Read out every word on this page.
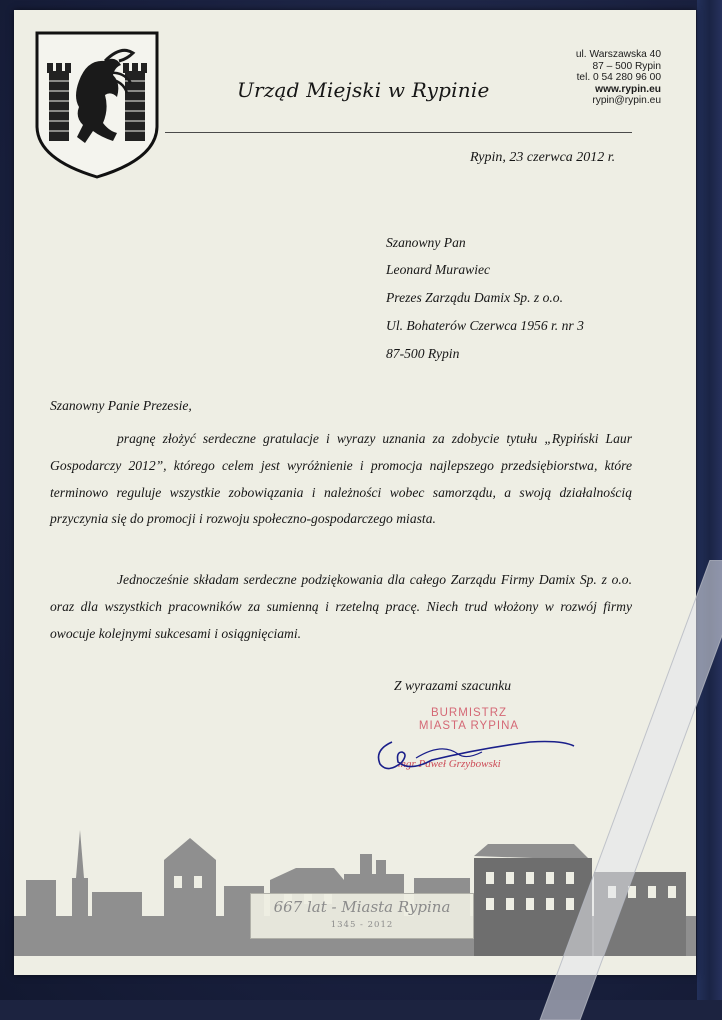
Urząd Miejski w Rypinie
ul. Warszawska 40
87 – 500 Rypin
tel. 0 54 280 96 00
www.rypin.eu
rypin@rypin.eu
Rypin, 23 czerwca 2012 r.
Szanowny Pan
Leonard Murawiec
Prezes Zarządu Damix Sp. z o.o.
Ul. Bohaterów Czerwca 1956 r. nr 3
87-500 Rypin
Szanowny Panie Prezesie,
pragnę złożyć serdeczne gratulacje i wyrazy uznania za zdobycie tytułu „Rypiński Laur Gospodarczy 2012”, którego celem jest wyróżnienie i promocja najlepszego przedsiębiorstwa, które terminowo reguluje wszystkie zobowiązania i należności wobec samorządu, a swoją działalnością przyczynia się do promocji i rozwoju społeczno-gospodarczego miasta.
Jednocześnie składam serdeczne podziękowania dla całego Zarządu Firmy Damix Sp. z o.o. oraz dla wszystkich pracowników za sumienną i rzetelną pracę. Niech trud włożony w rozwój firmy owocuje kolejnymi sukcesami i osiągnięciami.
Z wyrazami szacunku
BURMISTRZ
MIASTA RYPINA
mgr Paweł Grzybowski
667 lat - Miasta Rypina
1345 - 2012
